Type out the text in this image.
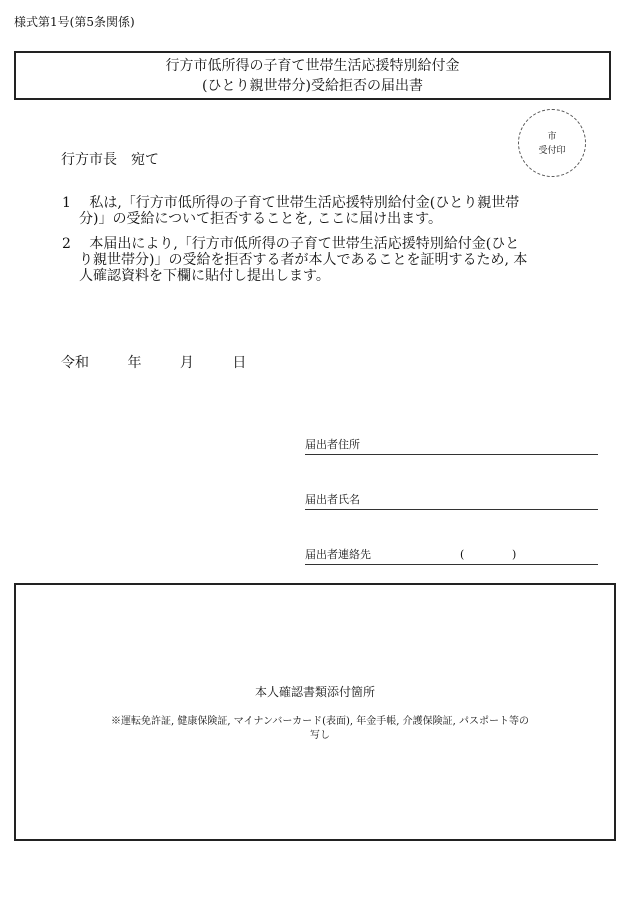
様式第1号(第5条関係)
行方市低所得の子育て世帯生活応援特別給付金
(ひとり親世帯分)受給拒否の届出書
市
受付印
行方市長　宛て
1　 私は,「行方市低所得の子育て世帯生活応援特別給付金(ひとり親世帯
分)」の受給について拒否することを, ここに届け出ます。
2　 本届出により,「行方市低所得の子育て世帯生活応援特別給付金(ひと
り親世帯分)」の受給を拒否する者が本人であることを証明するため, 本
人確認資料を下欄に貼付し提出します。
令和	年	月	日
届出者住所
届出者氏名
届出者連絡先	(	)
本人確認書類添付箇所
※運転免許証, 健康保険証, マイナンバーカード(表面), 年金手帳, 介護保険証, パスポート等の
写し
